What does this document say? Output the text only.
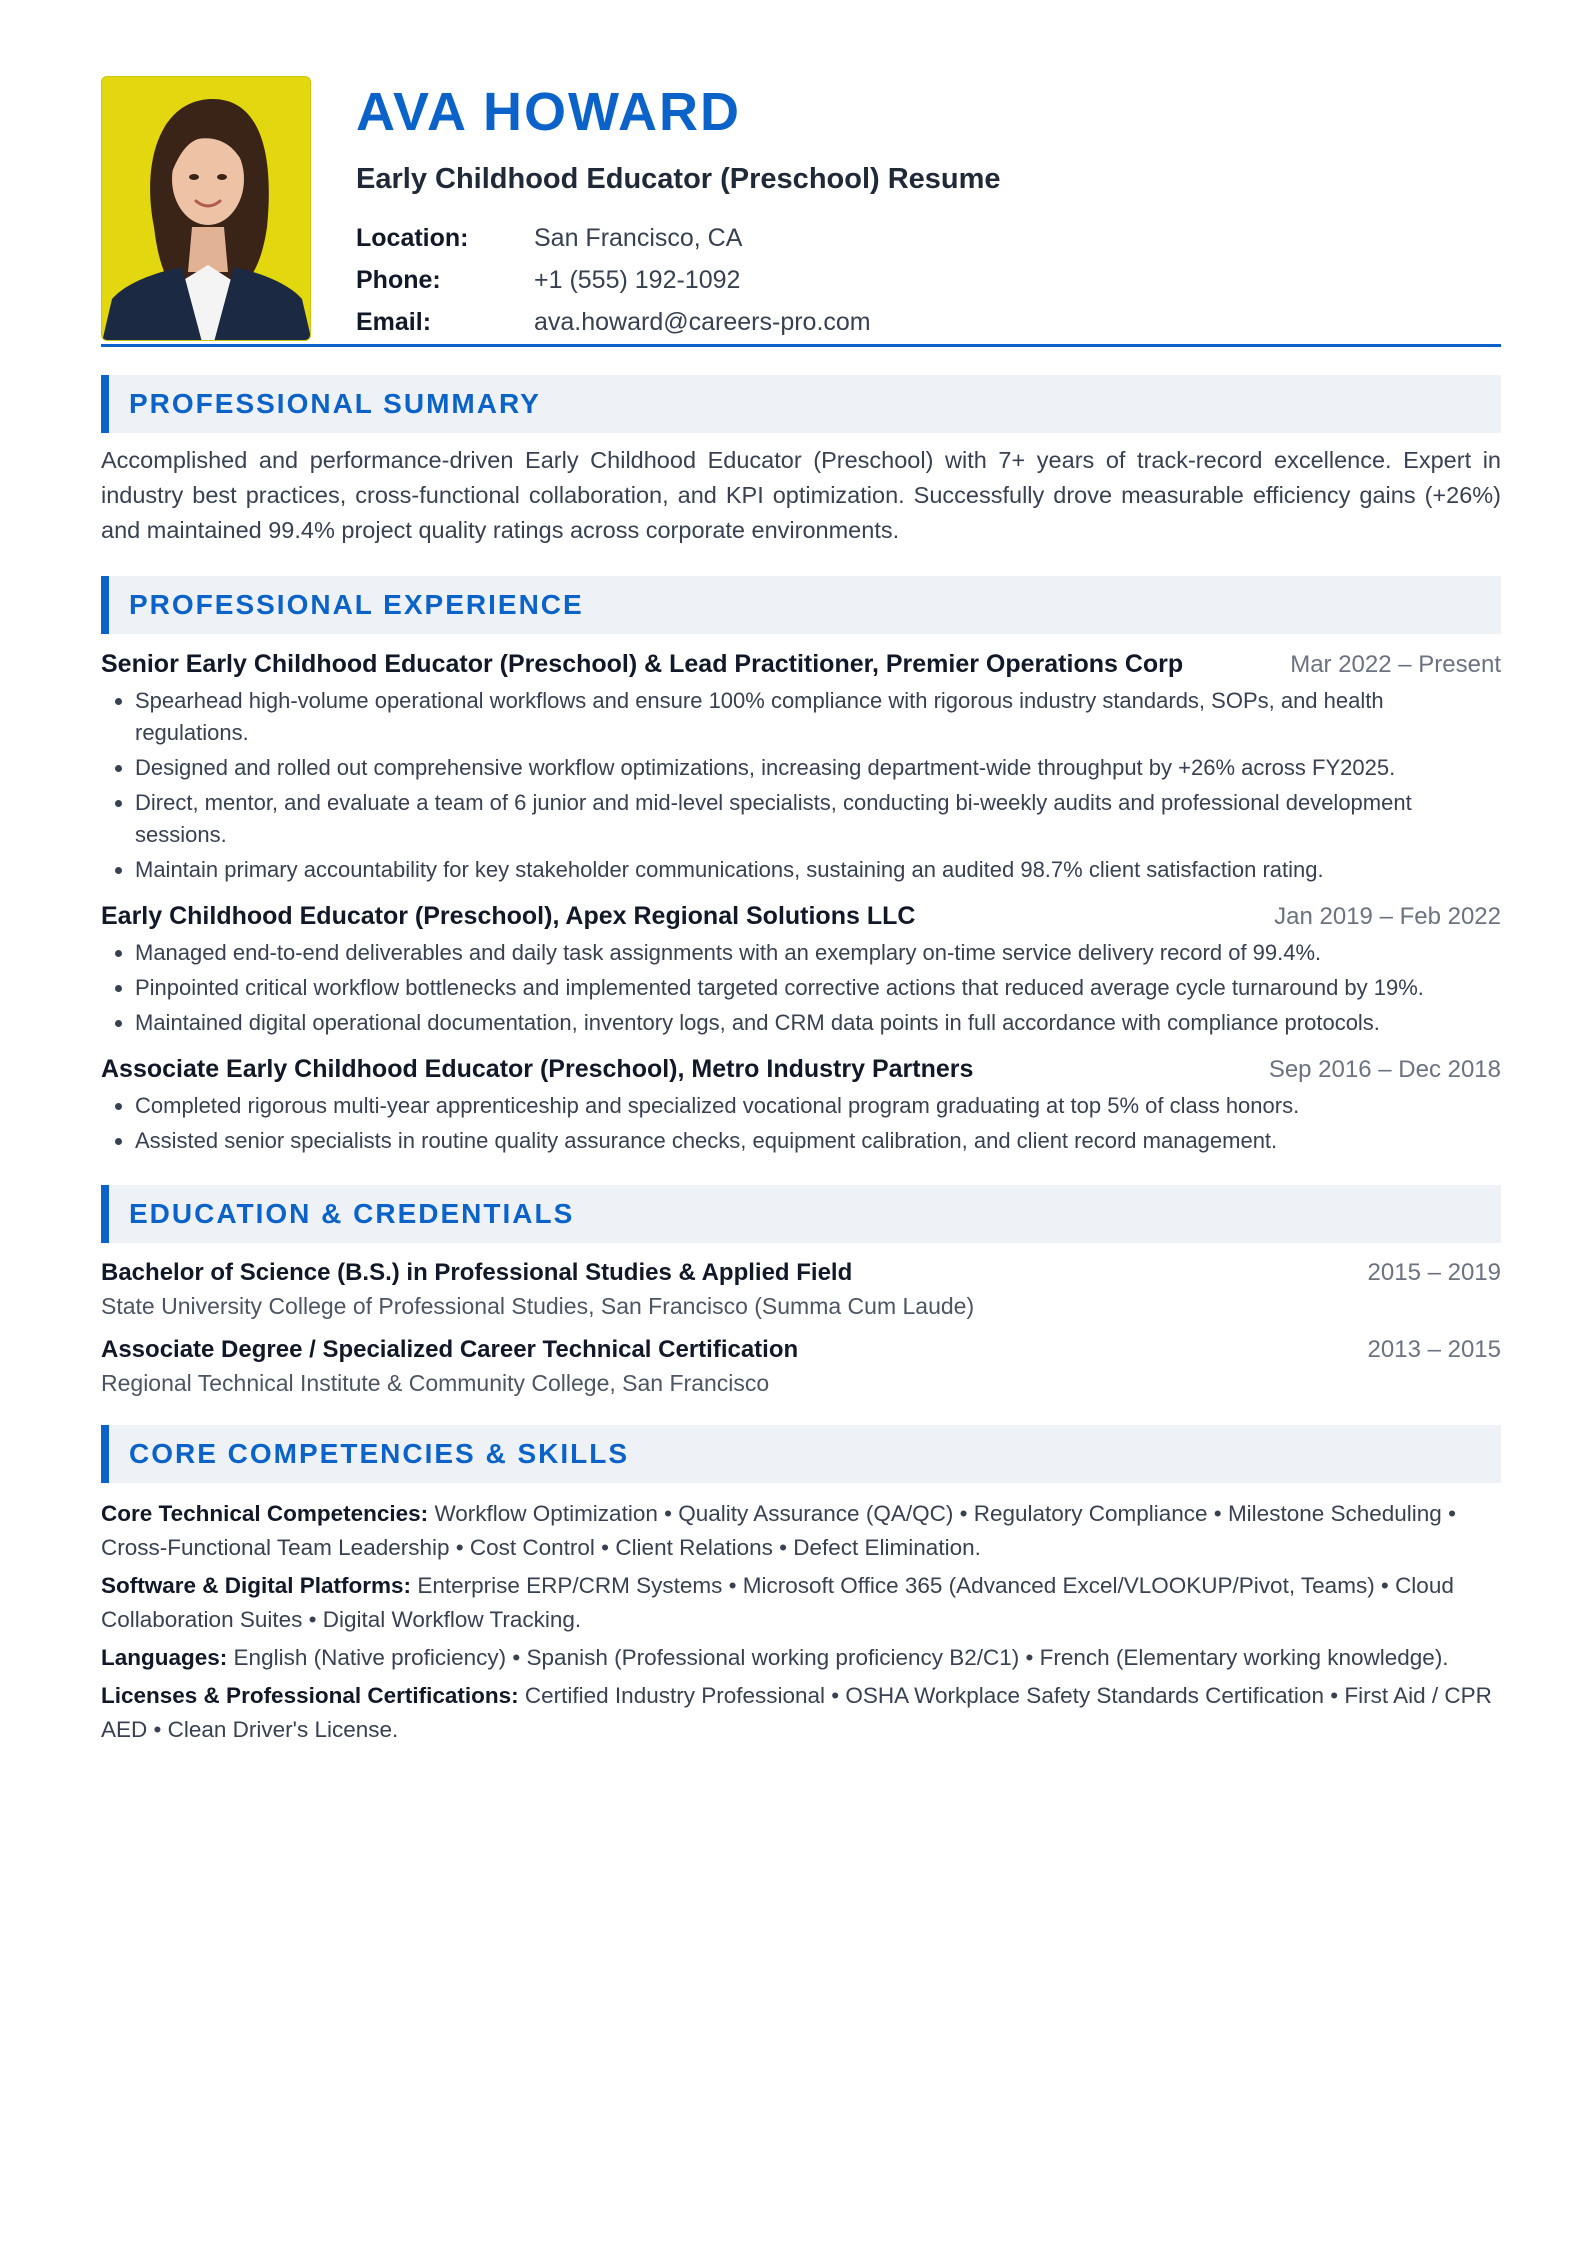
AVA HOWARD
Early Childhood Educator (Preschool) Resume
Location:	San Francisco, CA
Phone:	+1 (555) 192-1092
Email:	ava.howard@careers-pro.com
PROFESSIONAL SUMMARY

Accomplished and performance-driven Early Childhood Educator (Preschool) with 7+ years of track-record excellence. Expert in industry best practices, cross-functional collaboration, and KPI optimization. Successfully drove measurable efficiency gains (+26%) and maintained 99.4% project quality ratings across corporate environments.

PROFESSIONAL EXPERIENCE
Senior Early Childhood Educator (Preschool) & Lead Practitioner, Premier Operations Corp	Mar 2022 – Present
• Spearhead high-volume operational workflows and ensure 100% compliance with rigorous industry standards, SOPs, and health regulations.
• Designed and rolled out comprehensive workflow optimizations, increasing department-wide throughput by +26% across FY2025.
• Direct, mentor, and evaluate a team of 6 junior and mid-level specialists, conducting bi-weekly audits and professional development sessions.
• Maintain primary accountability for key stakeholder communications, sustaining an audited 98.7% client satisfaction rating.
Early Childhood Educator (Preschool), Apex Regional Solutions LLC	Jan 2019 – Feb 2022
• Managed end-to-end deliverables and daily task assignments with an exemplary on-time service delivery record of 99.4%.
• Pinpointed critical workflow bottlenecks and implemented targeted corrective actions that reduced average cycle turnaround by 19%.
• Maintained digital operational documentation, inventory logs, and CRM data points in full accordance with compliance protocols.
Associate Early Childhood Educator (Preschool), Metro Industry Partners	Sep 2016 – Dec 2018
• Completed rigorous multi-year apprenticeship and specialized vocational program graduating at top 5% of class honors.
• Assisted senior specialists in routine quality assurance checks, equipment calibration, and client record management.
EDUCATION & CREDENTIALS
Bachelor of Science (B.S.) in Professional Studies & Applied Field	2015 – 2019
State University College of Professional Studies, San Francisco (Summa Cum Laude)
Associate Degree / Specialized Career Technical Certification	2013 – 2015
Regional Technical Institute & Community College, San Francisco
CORE COMPETENCIES & SKILLS
Core Technical Competencies: Workflow Optimization • Quality Assurance (QA/QC) • Regulatory Compliance • Milestone Scheduling • Cross-Functional Team Leadership • Cost Control • Client Relations • Defect Elimination.
Software & Digital Platforms: Enterprise ERP/CRM Systems • Microsoft Office 365 (Advanced Excel/VLOOKUP/Pivot, Teams) • Cloud Collaboration Suites • Digital Workflow Tracking.
Languages: English (Native proficiency) • Spanish (Professional working proficiency B2/C1) • French (Elementary working knowledge).
Licenses & Professional Certifications: Certified Industry Professional • OSHA Workplace Safety Standards Certification • First Aid / CPR AED • Clean Driver's License.
